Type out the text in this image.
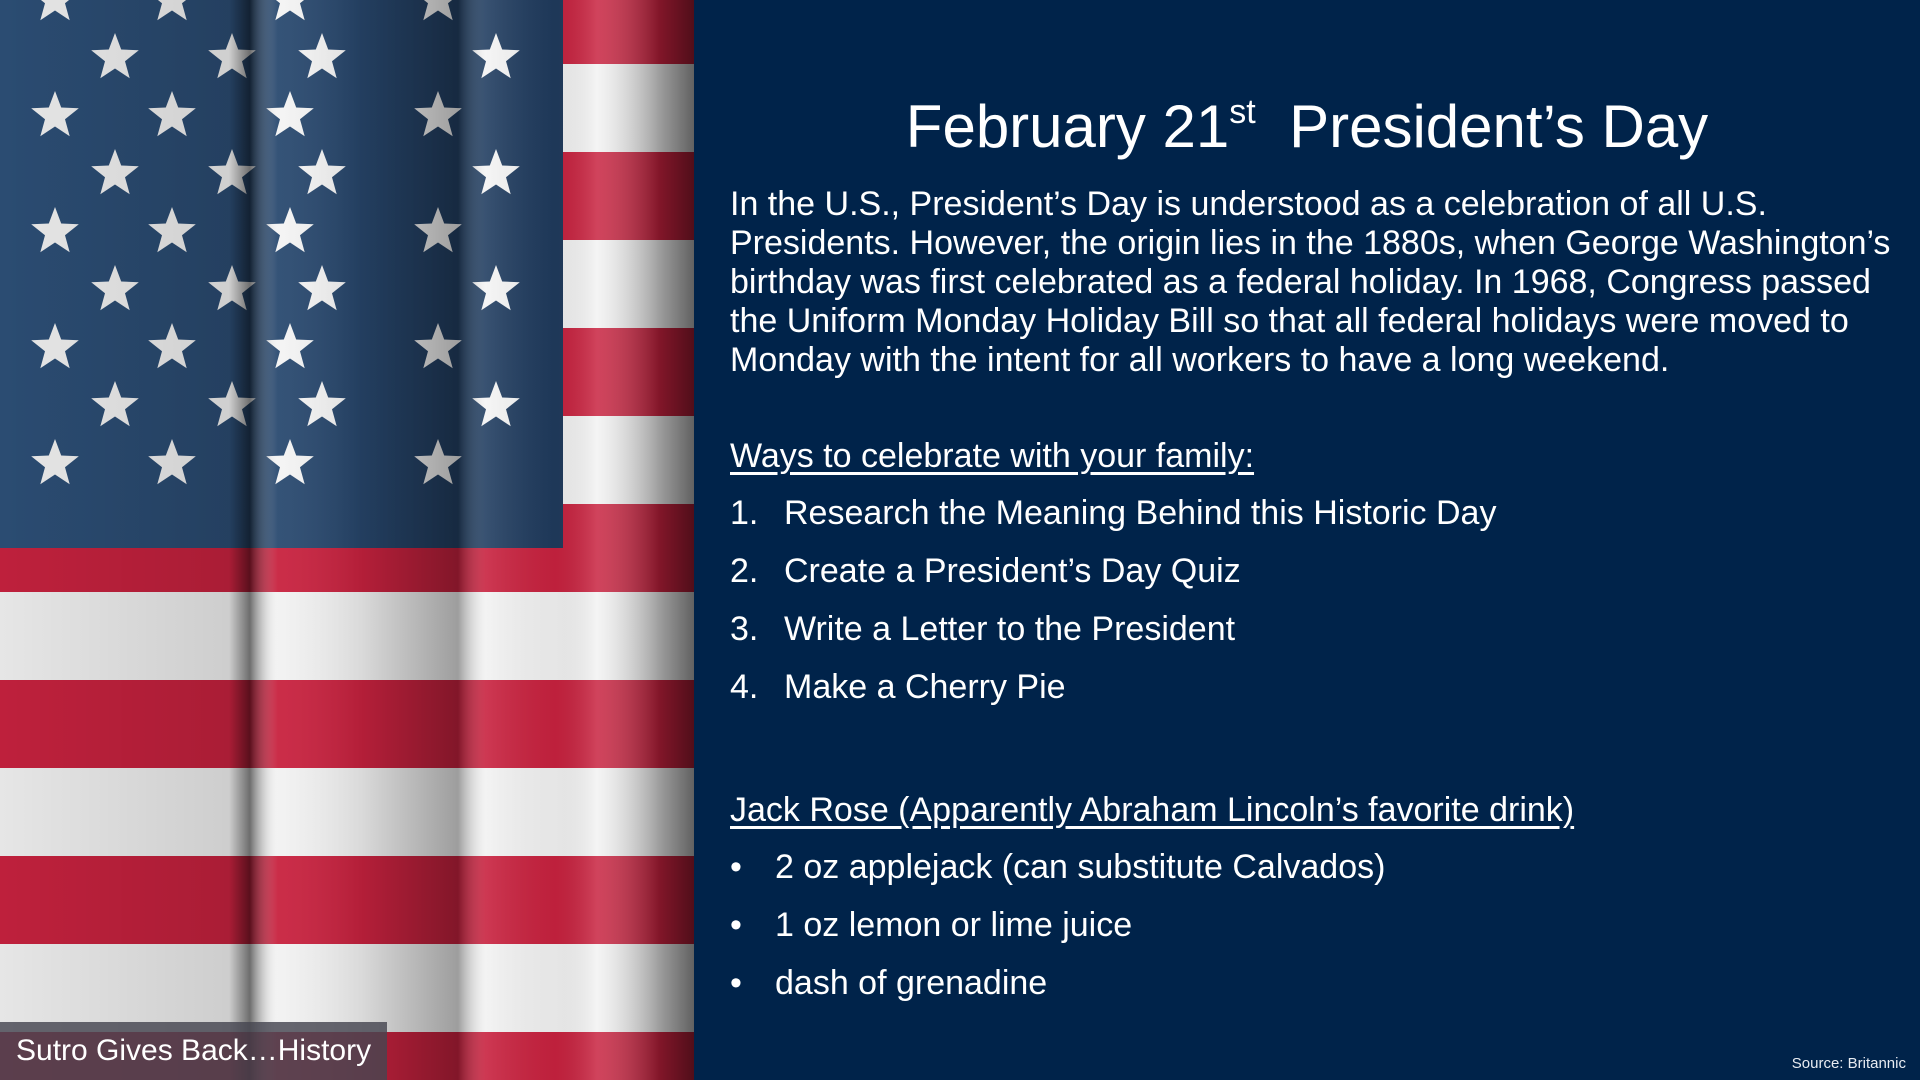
Sutro Gives Back…History
February 21st President’s Day

In the U.S., President’s Day is understood as a celebration of all U.S. Presidents. However, the origin lies in the 1880s, when George Washington’s birthday was first celebrated as a federal holiday. In 1968, Congress passed the Uniform Monday Holiday Bill so that all federal holidays were moved to Monday with the intent for all workers to have a long weekend.

Ways to celebrate with your family:

1. Research the Meaning Behind this Historic Day
2. Create a President’s Day Quiz
3. Write a Letter to the President
4. Make a Cherry Pie

Jack Rose (Apparently Abraham Lincoln’s favorite drink)

• 2 oz applejack (can substitute Calvados)
• 1 oz lemon or lime juice
• dash of grenadine
Source: Britannic
